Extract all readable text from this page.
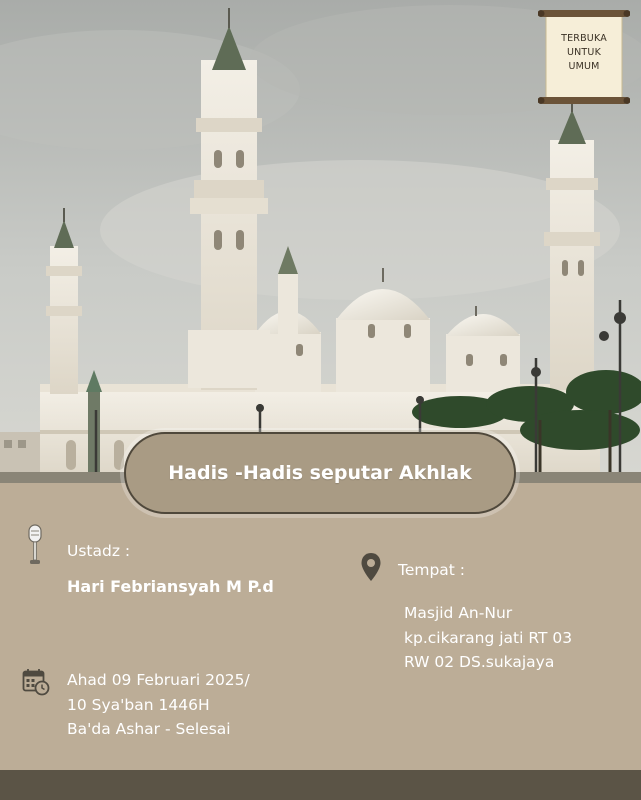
TERBUKA
UNTUK
UMUM
Hadis -Hadis seputar Akhlak
Ustadz :
Hari Febriansyah M P.d
Tempat :
Masjid An-Nur
kp.cikarang jati RT 03
RW 02 DS.sukajaya
Ahad 09 Februari 2025/
10 Sya'ban 1446H
Ba'da Ashar - Selesai
